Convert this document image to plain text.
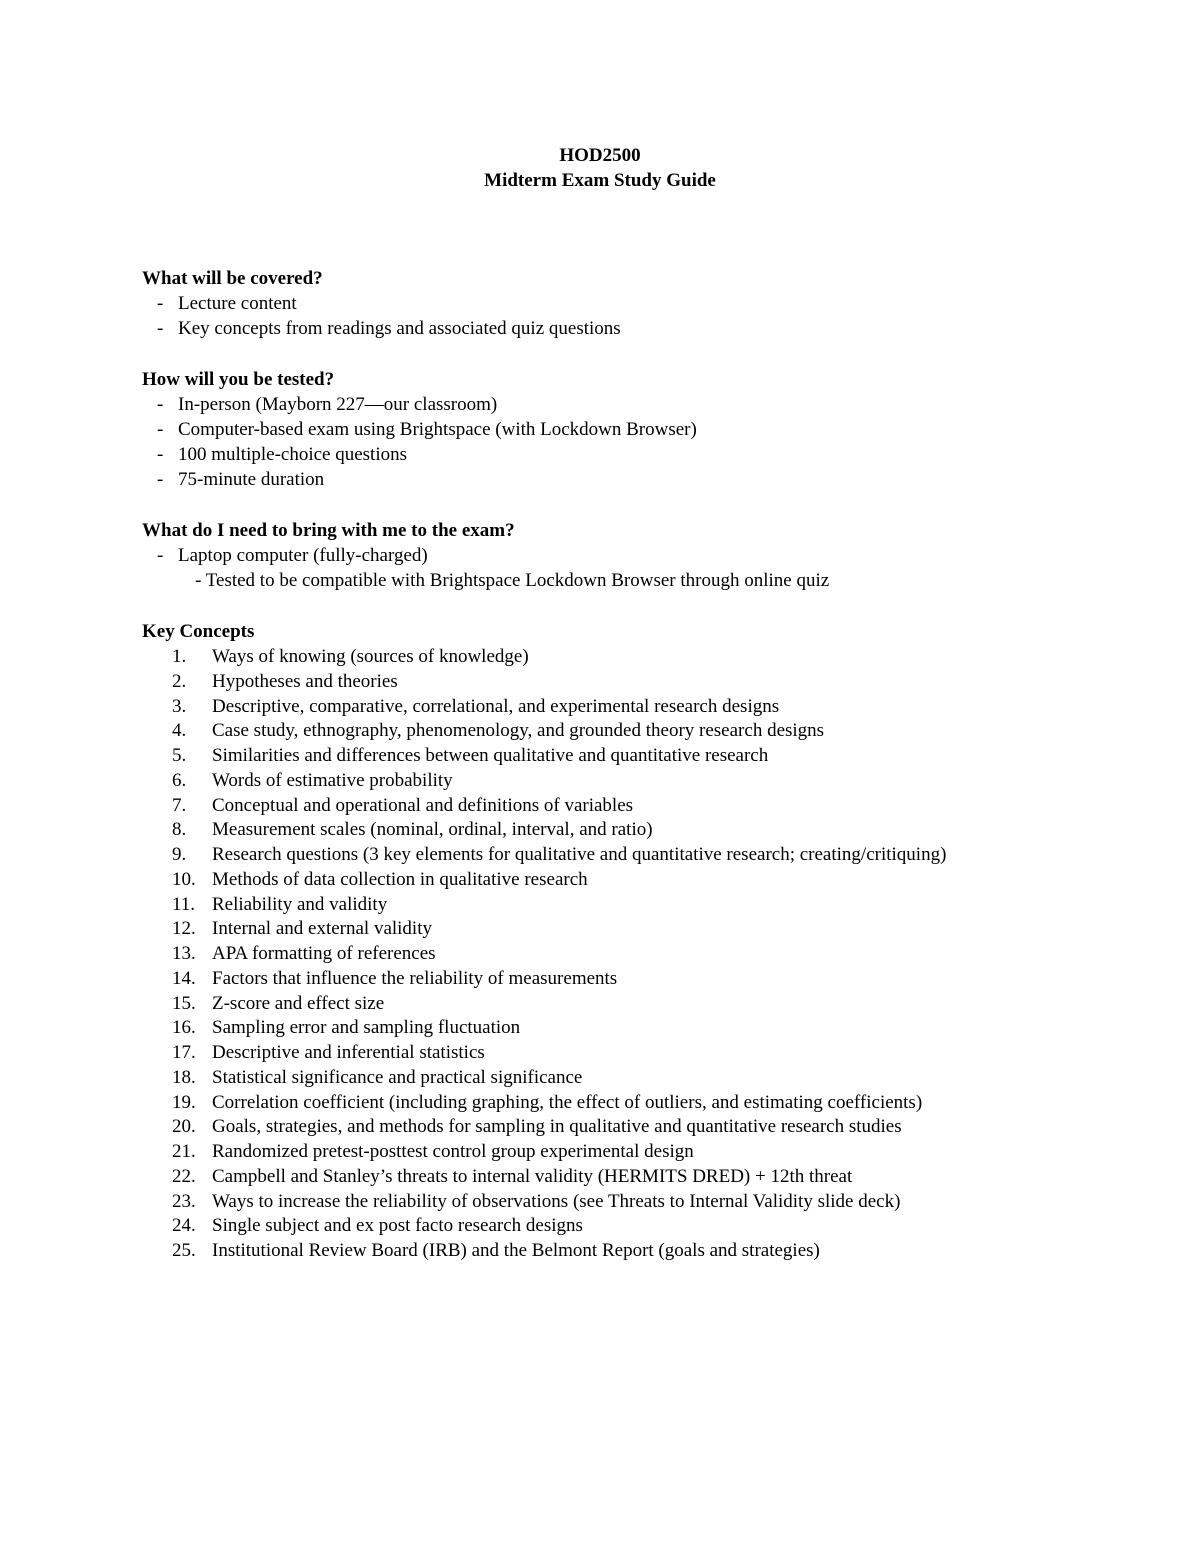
HOD2500
Midterm Exam Study Guide
What will be covered?
- Lecture content
- Key concepts from readings and associated quiz questions
How will you be tested?
- In-person (Mayborn 227—our classroom)
- Computer-based exam using Brightspace (with Lockdown Browser)
- 100 multiple-choice questions
- 75-minute duration
What do I need to bring with me to the exam?
- Laptop computer (fully-charged)
- Tested to be compatible with Brightspace Lockdown Browser through online quiz
Key Concepts
1. Ways of knowing (sources of knowledge)
2. Hypotheses and theories
3. Descriptive, comparative, correlational, and experimental research designs
4. Case study, ethnography, phenomenology, and grounded theory research designs
5. Similarities and differences between qualitative and quantitative research
6. Words of estimative probability
7. Conceptual and operational and definitions of variables
8. Measurement scales (nominal, ordinal, interval, and ratio)
9. Research questions (3 key elements for qualitative and quantitative research; creating/critiquing)
10. Methods of data collection in qualitative research
11. Reliability and validity
12. Internal and external validity
13. APA formatting of references
14. Factors that influence the reliability of measurements
15. Z-score and effect size
16. Sampling error and sampling fluctuation
17. Descriptive and inferential statistics
18. Statistical significance and practical significance
19. Correlation coefficient (including graphing, the effect of outliers, and estimating coefficients)
20. Goals, strategies, and methods for sampling in qualitative and quantitative research studies
21. Randomized pretest-posttest control group experimental design
22. Campbell and Stanley’s threats to internal validity (HERMITS DRED) + 12th threat
23. Ways to increase the reliability of observations (see Threats to Internal Validity slide deck)
24. Single subject and ex post facto research designs
25. Institutional Review Board (IRB) and the Belmont Report (goals and strategies)
